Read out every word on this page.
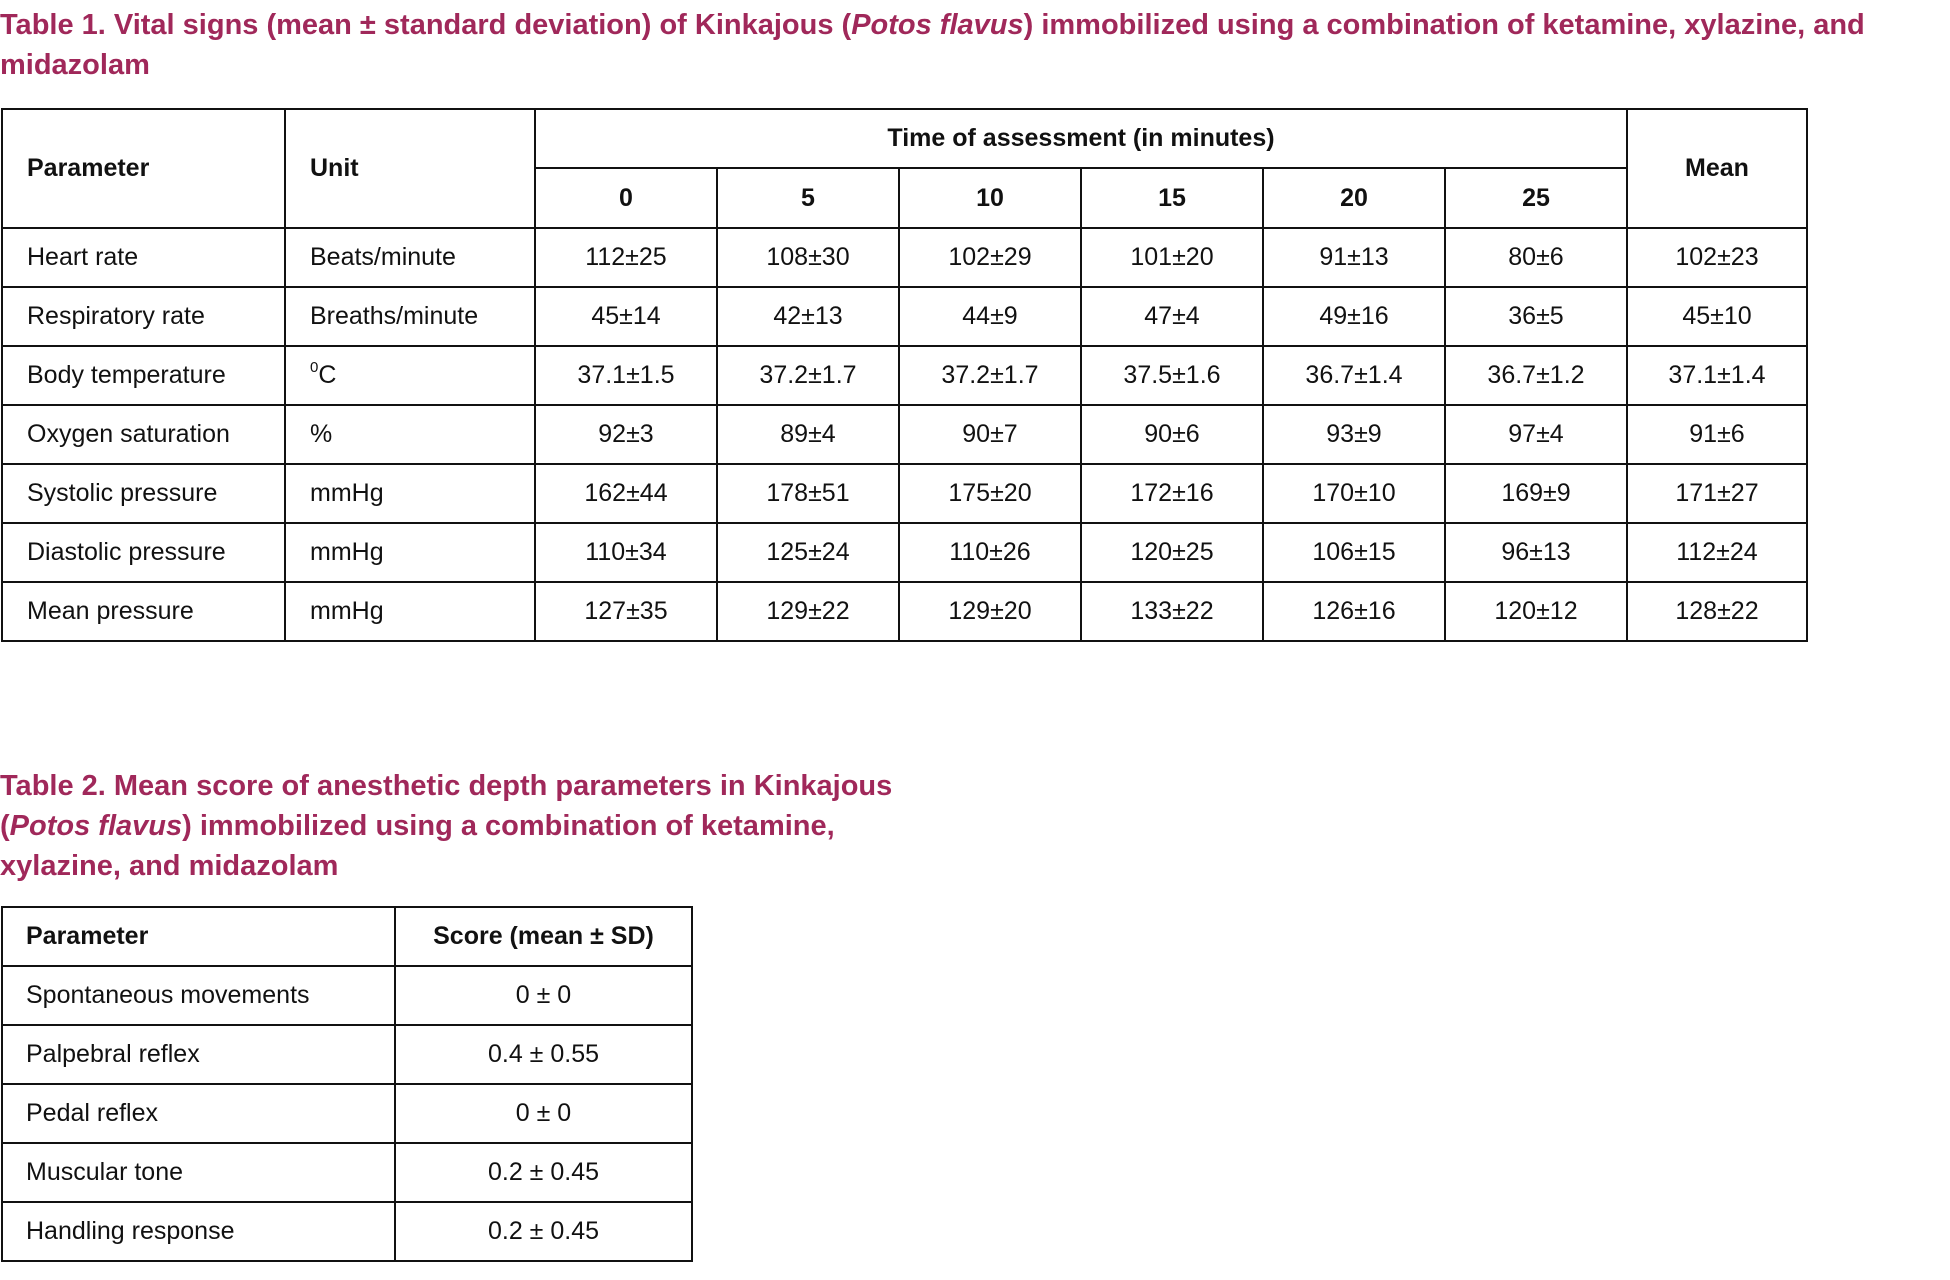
Table 1. Vital signs (mean ± standard deviation) of Kinkajous (Potos flavus) immobilized using a combination of ketamine, xylazine, and midazolam
Parameter	Unit	Time of assessment (in minutes)						Mean
		0	5	10	15	20	25	
Heart rate	Beats/minute	112±25	108±30	102±29	101±20	91±13	80±6	102±23
Respiratory rate	Breaths/minute	45±14	42±13	44±9	47±4	49±16	36±5	45±10
Body temperature	$^0$C	37.1±1.5	37.2±1.7	37.2±1.7	37.5±1.6	36.7±1.4	36.7±1.2	37.1±1.4
Oxygen saturation	%	92±3	89±4	90±7	90±6	93±9	97±4	91±6
Systolic pressure	mmHg	162±44	178±51	175±20	172±16	170±10	169±9	171±27
Diastolic pressure	mmHg	110±34	125±24	110±26	120±25	106±15	96±13	112±24
Mean pressure	mmHg	127±35	129±22	129±20	133±22	126±16	120±12	128±22
Table 2. Mean score of anesthetic depth parameters in Kinkajous
(Potos flavus) immobilized using a combination of ketamine,
xylazine, and midazolam
Parameter	Score (mean ± SD)
Spontaneous movements	0 ± 0
Palpebral reflex	0.4 ± 0.55
Pedal reflex	0 ± 0
Muscular tone	0.2 ± 0.45
Handling response	0.2 ± 0.45
